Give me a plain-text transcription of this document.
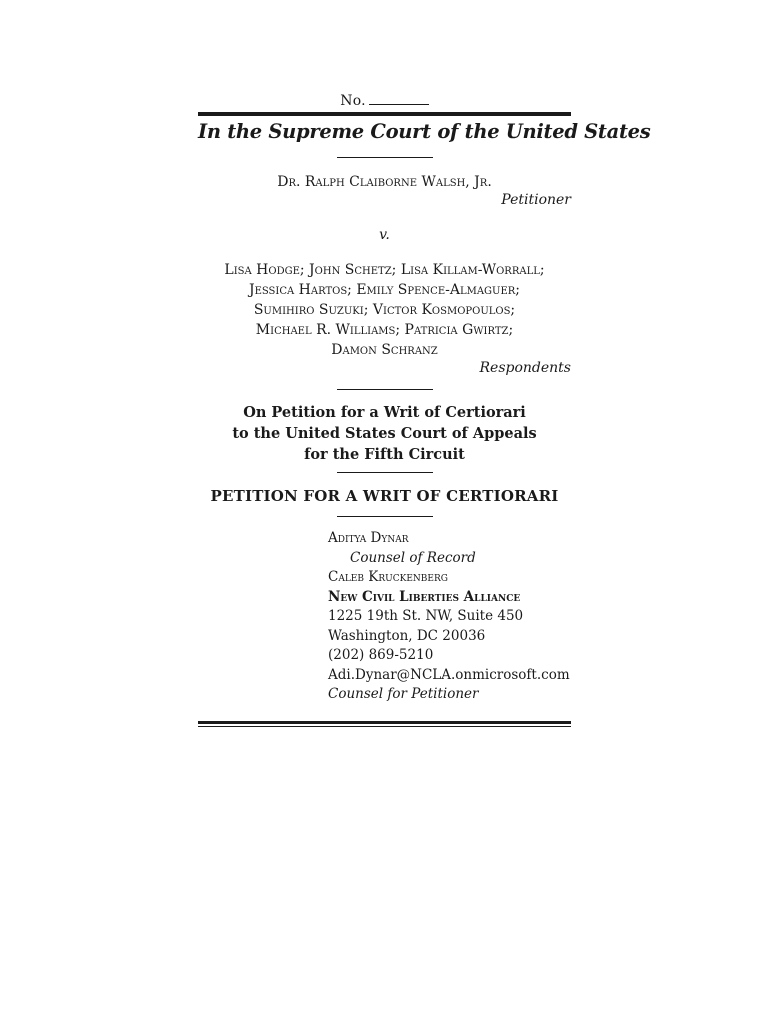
No.
In the Supreme Court of the United States
Dr. Ralph Claiborne Walsh, Jr.
Petitioner
v.
Lisa Hodge; John Schetz; Lisa Killam-Worrall;
Jessica Hartos; Emily Spence-Almaguer;
Sumihiro Suzuki; Victor Kosmopoulos;
Michael R. Williams; Patricia Gwirtz;
Damon Schranz
Respondents
On Petition for a Writ of Certiorari
to the United States Court of Appeals
for the Fifth Circuit
PETITION FOR A WRIT OF CERTIORARI
Aditya Dynar
Counsel of Record
Caleb Kruckenberg
New Civil Liberties Alliance
1225 19th St. NW, Suite 450
Washington, DC 20036
(202) 869-5210
Adi.Dynar@NCLA.onmicrosoft.com
Counsel for Petitioner
